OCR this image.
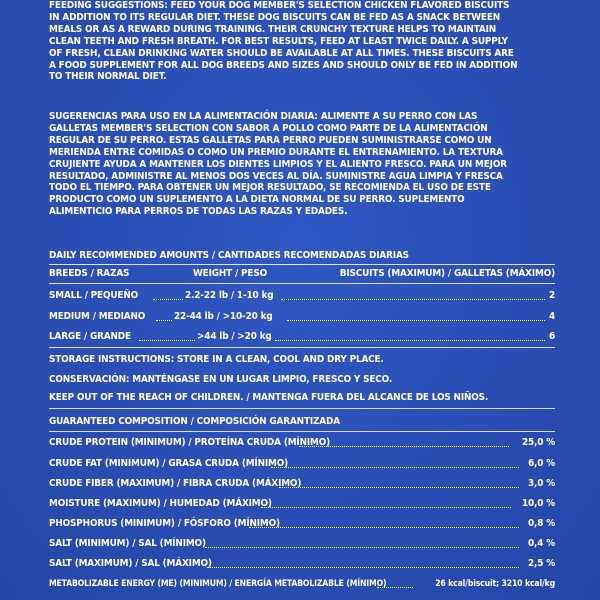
FEEDING SUGGESTIONS: FEED YOUR DOG MEMBER'S SELECTION CHICKEN FLAVORED BISCUITS
IN ADDITION TO ITS REGULAR DIET. THESE DOG BISCUITS CAN BE FED AS A SNACK BETWEEN
MEALS OR AS A REWARD DURING TRAINING. THEIR CRUNCHY TEXTURE HELPS TO MAINTAIN
CLEAN TEETH AND FRESH BREATH. FOR BEST RESULTS, FEED AT LEAST TWICE DAILY. A SUPPLY
OF FRESH, CLEAN DRINKING WATER SHOULD BE AVAILABLE AT ALL TIMES. THESE BISCUITS ARE
A FOOD SUPPLEMENT FOR ALL DOG BREEDS AND SIZES AND SHOULD ONLY BE FED IN ADDITION
TO THEIR NORMAL DIET.
SUGERENCIAS PARA USO EN LA ALIMENTACIÓN DIARIA: ALIMENTE A SU PERRO CON LAS
GALLETAS MEMBER'S SELECTION CON SABOR A POLLO COMO PARTE DE LA ALIMENTACIÓN
REGULAR DE SU PERRO. ESTAS GALLETAS PARA PERRO PUEDEN SUMINISTRARSE COMO UN
MERIENDA ENTRE COMIDAS O COMO UN PREMIO DURANTE EL ENTRENAMIENTO. LA TEXTURA
CRUJIENTE AYUDA A MANTENER LOS DIENTES LIMPIOS Y EL ALIENTO FRESCO. PARA UN MEJOR
RESULTADO, ADMINISTRE AL MENOS DOS VECES AL DÍA. SUMINISTRE AGUA LIMPIA Y FRESCA
TODO EL TIEMPO. PARA OBTENER UN MEJOR RESULTADO, SE RECOMIENDA EL USO DE ESTE
PRODUCTO COMO UN SUPLEMENTO A LA DIETA NORMAL DE SU PERRO. SUPLEMENTO
ALIMENTICIO PARA PERROS DE TODAS LAS RAZAS Y EDADES.
DAILY RECOMMENDED AMOUNTS / CANTIDADES RECOMENDADAS DIARIAS
BREEDS / RAZAS	WEIGHT / PESO	BISCUITS (MAXIMUM) / GALLETAS (MÁXIMO)
SMALL / PEQUEÑO	2.2-22 lb / 1-10 kg	2
MEDIUM / MEDIANO	22-44 lb / >10-20 kg	4
LARGE / GRANDE	>44 lb / >20 kg	6
STORAGE INSTRUCTIONS: STORE IN A CLEAN, COOL AND DRY PLACE.
CONSERVACIÓN: MANTÉNGASE EN UN LUGAR LIMPIO, FRESCO Y SECO.
KEEP OUT OF THE REACH OF CHILDREN. / MANTENGA FUERA DEL ALCANCE DE LOS NIÑOS.
GUARANTEED COMPOSITION / COMPOSICIÓN GARANTIZADA
CRUDE PROTEIN (MINIMUM) / PROTEÍNA CRUDA (MÍNIMO)	25,0 %
CRUDE FAT (MINIMUM) / GRASA CRUDA (MÍNIMO)	6,0 %
CRUDE FIBER (MAXIMUM) / FIBRA CRUDA (MÁXIMO)	3,0 %
MOISTURE (MAXIMUM) / HUMEDAD (MÁXIMO)	10,0 %
PHOSPHORUS (MINIMUM) / FÓSFORO (MÍNIMO)	0,8 %
SALT (MINIMUM) / SAL (MÍNIMO)	0,4 %
SALT (MAXIMUM) / SAL (MÁXIMO)	2,5 %
METABOLIZABLE ENERGY (ME) (MINIMUM) / ENERGÍA METABOLIZABLE (MÍNIMO)	26 kcal/biscuit; 3210 kcal/kg
